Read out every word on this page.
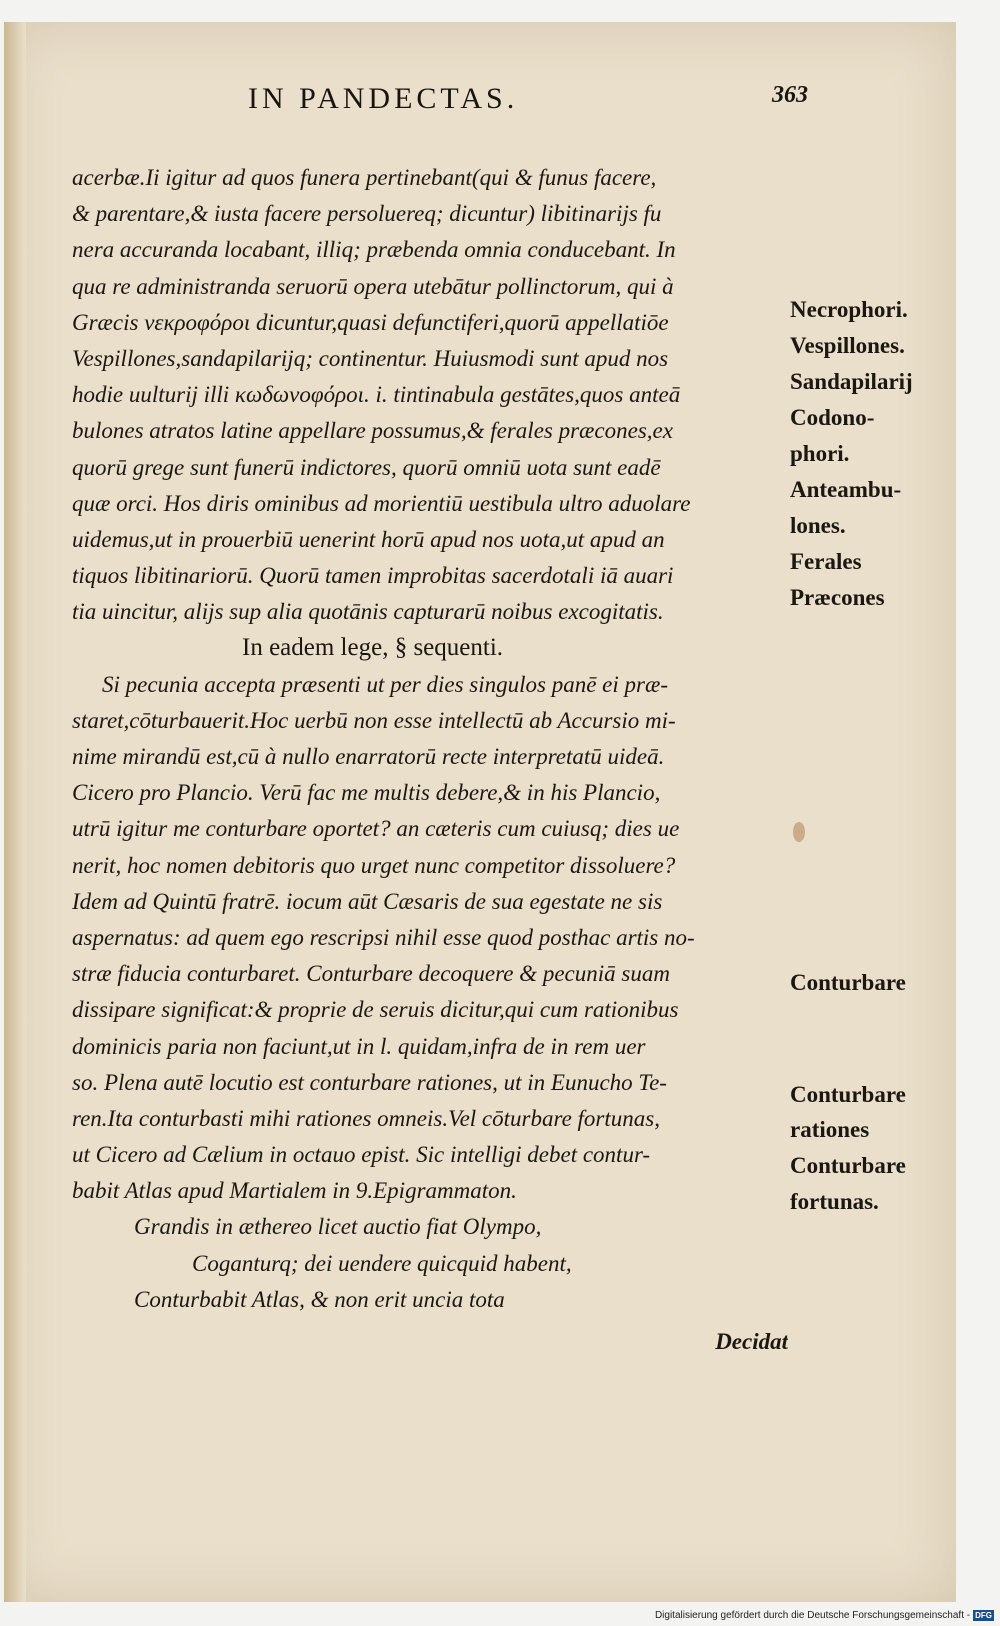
IN PANDECTAS.	363
acerbæ.Ii igitur ad quos funera pertinebant(qui & funus facere,
& parentare,& iusta facere persoluereq; dicuntur) libitinarijs fu
nera accuranda locabant, illiq; præbenda omnia conducebant. In
qua re administranda seruorū opera utebātur pollinctorum, qui à
Græcis νεκροφόροι dicuntur,quasi defunctiferi,quorū appellatiōe
Vespillones,sandapilarijq; continentur. Huiusmodi sunt apud nos
hodie uulturij illi κωδωνοφόροι. i. tintinabula gestātes,quos anteā
bulones atratos latine appellare possumus,& ferales præcones,ex
quorū grege sunt funerū indictores, quorū omniū uota sunt eadē
quæ orci. Hos diris ominibus ad morientiū uestibula ultro aduolare
uidemus,ut in prouerbiū uenerint horū apud nos uota,ut apud an
tiquos libitinariorū. Quorū tamen improbitas sacerdotali iā auari
tia uincitur, alijs sup alia quotānis capturarū noibus excogitatis.
In eadem lege, § sequenti.
Si pecunia accepta præsenti ut per dies singulos panē ei præ-
staret,cōturbauerit.Hoc uerbū non esse intellectū ab Accursio mi-
nime mirandū est,cū à nullo enarratorū recte interpretatū uideā.
Cicero pro Plancio. Verū fac me multis debere,& in his Plancio,
utrū igitur me conturbare oportet? an cæteris cum cuiusq; dies ue
nerit, hoc nomen debitoris quo urget nunc competitor dissoluere?
Idem ad Quintū fratrē. iocum aūt Cæsaris de sua egestate ne sis
aspernatus: ad quem ego rescripsi nihil esse quod posthac artis no-
stræ fiducia conturbaret. Conturbare decoquere & pecuniā suam
dissipare significat:& proprie de seruis dicitur,qui cum rationibus
dominicis paria non faciunt,ut in l. quidam,infra de in rem uer
so. Plena autē locutio est conturbare rationes, ut in Eunucho Te-
ren.Ita conturbasti mihi rationes omneis.Vel cōturbare fortunas,
ut Cicero ad Cælium in octauo epist. Sic intelligi debet contur-
babit Atlas apud Martialem in 9.Epigrammaton.
Grandis in æthereo licet auctio fiat Olympo,
Coganturq; dei uendere quicquid habent,
Conturbabit Atlas, & non erit uncia tota
Decidat
Necrophori.
Vespillones.
Sandapilarij
Codono-
phori.
Anteambu-
lones.
Ferales
Præcones
Conturbare
Conturbare
rationes
Conturbare
fortunas.
Digitalisierung gefördert durch die Deutsche Forschungsgemeinschaft - DFG
